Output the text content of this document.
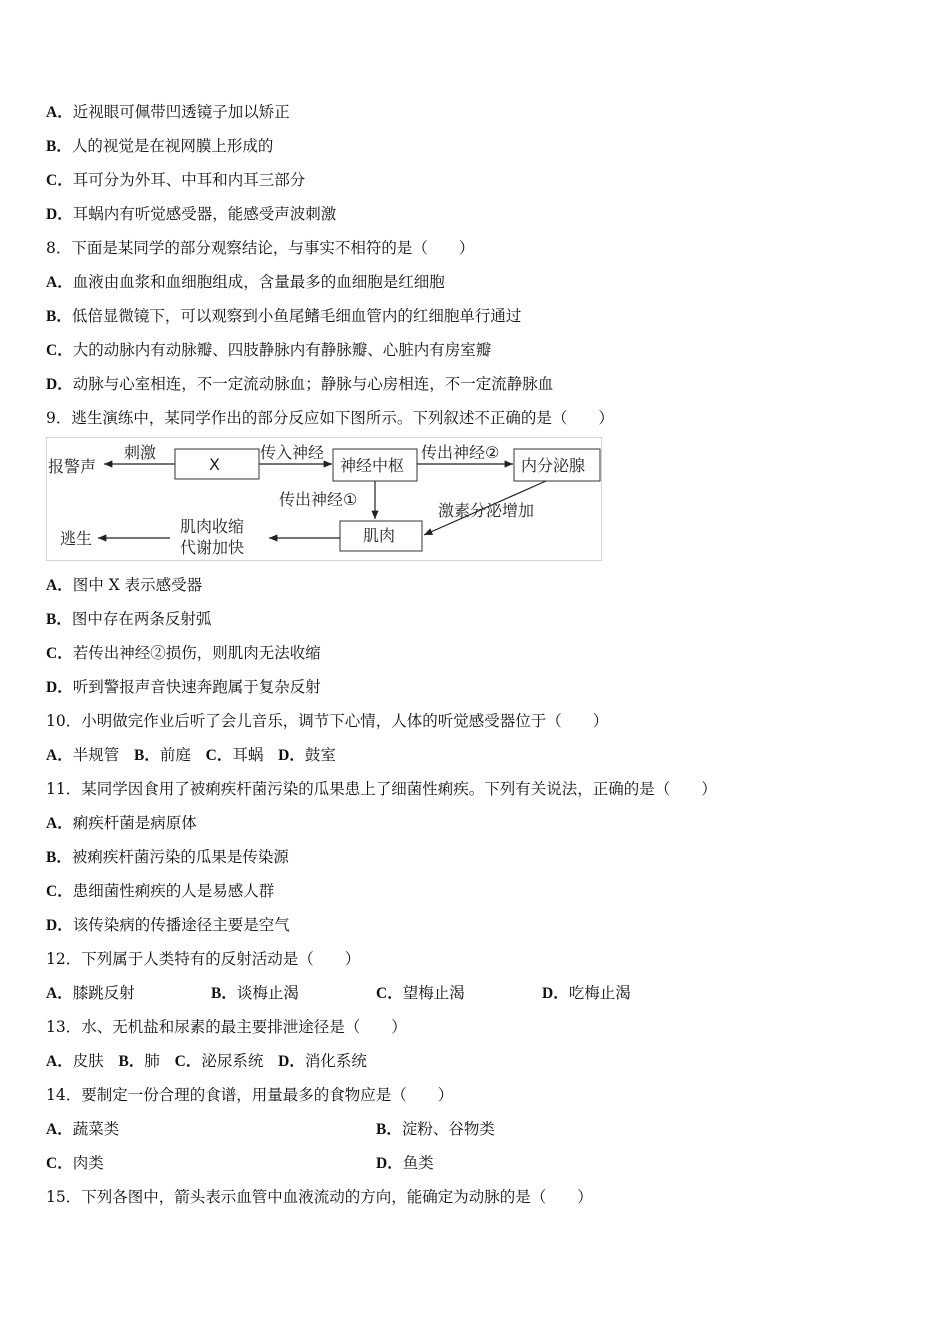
A．近视眼可佩带凹透镜子加以矫正
B．人的视觉是在视网膜上形成的
C．耳可分为外耳、中耳和内耳三部分
D．耳蜗内有听觉感受器，能感受声波刺激
8．下面是某同学的部分观察结论，与事实不相符的是（　　）
A．血液由血浆和血细胞组成，含量最多的血细胞是红细胞
B．低倍显微镜下，可以观察到小鱼尾鳍毛细血管内的红细胞单行通过
C．大的动脉内有动脉瓣、四肢静脉内有静脉瓣、心脏内有房室瓣
D．动脉与心室相连，不一定流动脉血；静脉与心房相连，不一定流静脉血
9．逃生演练中，某同学作出的部分反应如下图所示。下列叙述不正确的是（　　）
报警声
刺激
X
传入神经
神经中枢
传出神经②
内分泌腺
传出神经①
激素分泌增加
肌肉
肌肉收缩
代谢加快
逃生
A．图中 X 表示感受器
B．图中存在两条反射弧
C．若传出神经②损伤，则肌肉无法收缩
D．听到警报声音快速奔跑属于复杂反射
10．小明做完作业后听了会儿音乐，调节下心情，人体的听觉感受器位于（　　）
A．半规管 B．前庭 C．耳蜗 D．鼓室
11．某同学因食用了被痢疾杆菌污染的瓜果患上了细菌性痢疾。下列有关说法，正确的是（　　）
A．痢疾杆菌是病原体
B．被痢疾杆菌污染的瓜果是传染源
C．患细菌性痢疾的人是易感人群
D．该传染病的传播途径主要是空气
12．下列属于人类特有的反射活动是（　　）
A．膝跳反射	B．谈梅止渴	C．望梅止渴	D．吃梅止渴
13．水、无机盐和尿素的最主要排泄途径是（　　）
A．皮肤 B．肺 C．泌尿系统 D．消化系统
14．要制定一份合理的食谱，用量最多的食物应是（　　）
A．蔬菜类	B．淀粉、谷物类
C．肉类	D．鱼类
15．下列各图中，箭头表示血管中血液流动的方向，能确定为动脉的是（　　）
